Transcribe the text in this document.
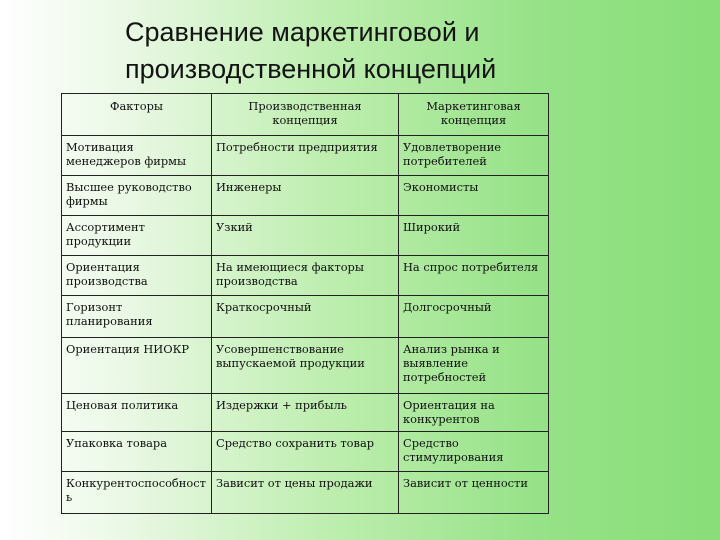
Сравнение маркетинговой и
производственной концепций
Факторы	Производственная концепция	Маркетинговая концепция
Мотивация менеджеров фирмы	Потребности предприятия	Удовлетворение потребителей
Высшее руководство фирмы	Инженеры	Экономисты
Ассортимент продукции	Узкий	Широкий
Ориентация производства	На имеющиеся факторы производства	На спрос потребителя
Горизонт планирования	Краткосрочный	Долгосрочный
Ориентация НИОКР	Усовершенствование выпускаемой продукции	Анализ рынка и выявление потребностей
Ценовая политика	Издержки + прибыль	Ориентация на конкурентов
Упаковка товара	Средство сохранить товар	Средство стимулирования
Конкурентоспособность	Зависит от цены продажи	Зависит от ценности
